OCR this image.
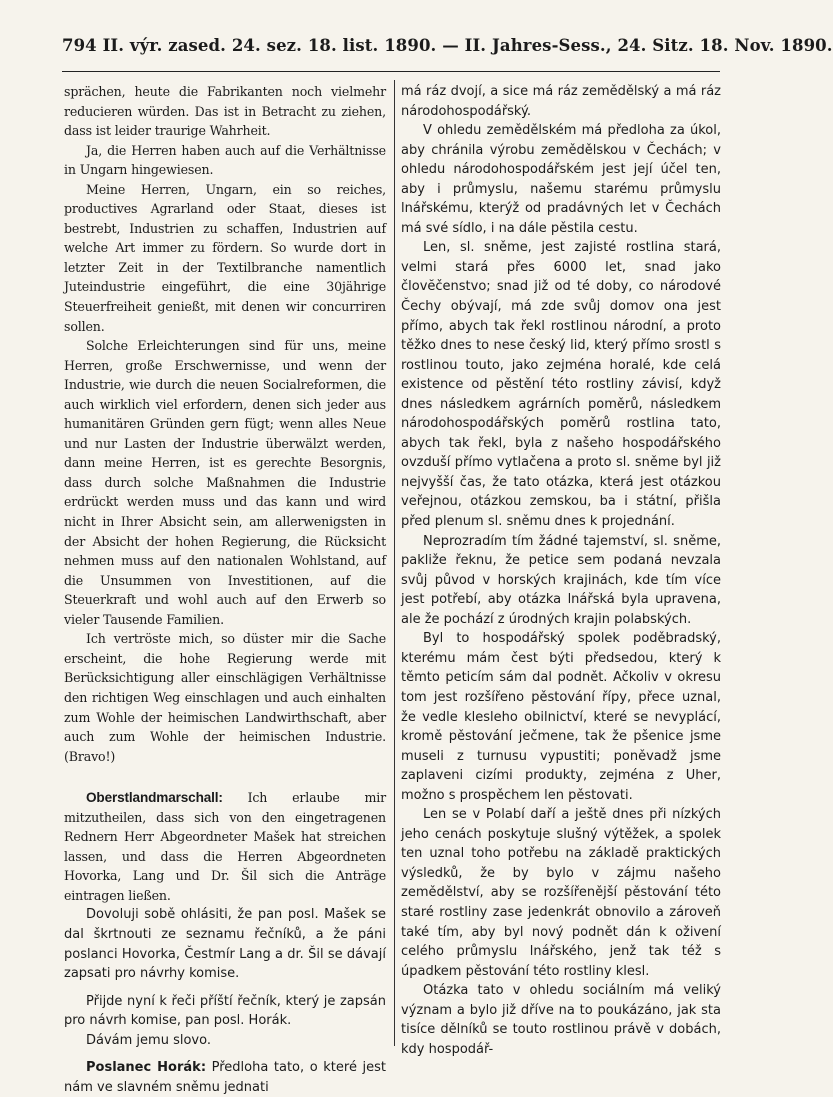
794 II. výr. zased. 24. sez. 18. list. 1890. — II. Jahres-Sess., 24. Sitz. 18. Nov. 1890.

sprächen, heute die Fabrikanten noch vielmehr reducieren würden. Das ist in Betracht zu ziehen, dass ist leider traurige Wahrheit.

Ja, die Herren haben auch auf die Verhältnisse in Ungarn hingewiesen.

Meine Herren, Ungarn, ein so reiches, productives Agrarland oder Staat, dieses ist bestrebt, Industrien zu schaffen, Industrien auf welche Art immer zu fördern. So wurde dort in letzter Zeit in der Textilbranche namentlich Juteindustrie eingeführt, die eine 30jährige Steuerfreiheit genießt, mit denen wir concurriren sollen.

Solche Erleichterungen sind für uns, meine Herren, große Erschwernisse, und wenn der Industrie, wie durch die neuen Socialreformen, die auch wirklich viel erfordern, denen sich jeder aus humanitären Gründen gern fügt; wenn alles Neue und nur Lasten der Industrie überwälzt werden, dann meine Herren, ist es gerechte Besorgnis, dass durch solche Maßnahmen die Industrie erdrückt werden muss und das kann und wird nicht in Ihrer Absicht sein, am allerwenigsten in der Absicht der hohen Regierung, die Rücksicht nehmen muss auf den nationalen Wohlstand, auf die Unsummen von Investitionen, auf die Steuerkraft und wohl auch auf den Erwerb so vieler Tausende Familien.

Ich vertröste mich, so düster mir die Sache erscheint, die hohe Regierung werde mit Berücksichtigung aller einschlägigen Verhältnisse den richtigen Weg einschlagen und auch einhalten zum Wohle der heimischen Landwirthschaft, aber auch zum Wohle der heimischen Industrie. (Bravo!)

Oberstlandmarschall: Ich erlaube mir mitzutheilen, dass sich von den eingetragenen Rednern Herr Abgeordneter Mašek hat streichen lassen, und dass die Herren Abgeordneten Hovorka, Lang und Dr. Šil sich die Anträge eintragen ließen.

Dovoluji sobě ohlásiti, že pan posl. Mašek se dal škrtnouti ze seznamu řečníků, a že páni poslanci Hovorka, Čestmír Lang a dr. Šil se dávají zapsati pro návrhy komise.

Přijde nyní k řeči příští řečník, který je zapsán pro návrh komise, pan posl. Horák.

Dávám jemu slovo.

Poslanec Horák: Předloha tato, o které jest nám ve slavném sněmu jednati

má ráz dvojí, a sice má ráz zemědělský a má ráz národohospodářský.

V ohledu zemědělském má předloha za úkol, aby chránila výrobu zemědělskou v Čechách; v ohledu národohospodářském jest její účel ten, aby i průmyslu, našemu starému průmyslu lnářskému, kterýž od pradávných let v Čechách má své sídlo, i na dále pěstila cestu.

Len, sl. sněme, jest zajisté rostlina stará, velmi stará přes 6000 let, snad jako človĕčenstvo; snad již od té doby, co národové Čechy obývají, má zde svůj domov ona jest přímo, abych tak řekl rostlinou národní, a proto těžko dnes to nese český lid, který přímo srostl s rostlinou touto, jako zejména horalé, kde celá existence od pěstění této rostliny závisí, když dnes následkem agrárních poměrů, následkem národohospodářských poměrů rostlina tato, abych tak řekl, byla z našeho hospodářského ovzduší přímo vytlačena a proto sl. sněme byl již nejvyšší čas, že tato otázka, která jest otázkou veřejnou, otázkou zemskou, ba i státní, přišla před plenum sl. sněmu dnes k projednání.

Neprozradím tím žádné tajemství, sl. sněme, pakliže řeknu, že petice sem podaná nevzala svůj původ v horských krajinách, kde tím více jest potřebí, aby otázka lnářská byla upravena, ale že pochází z úrodných krajin polabských.

Byl to hospodářský spolek poděbradský, kterému mám čest býti předsedou, který k těmto peticím sám dal podnět. Ačkoliv v okresu tom jest rozšířeno pěstování řípy, přece uznal, že vedle klesleho obilnictví, které se nevyplácí, kromě pěstování ječmene, tak že pšenice jsme museli z turnusu vypustiti; poněvadž jsme zaplaveni cizími produkty, zejména z Uher, možno s prospěchem len pěstovati.

Len se v Polabí daří a ještě dnes při nízkých jeho cenách poskytuje slušný výtěžek, a spolek ten uznal toho potřebu na základě praktických výsledků, že by bylo v zájmu našeho zemědělství, aby se rozšířenější pěstování této staré rostliny zase jedenkrát obnovilo a zároveň také tím, aby byl nový podnět dán k oživení celého průmyslu lnářského, jenž tak též s úpadkem pěstování této rostliny klesl.

Otázka tato v ohledu sociálním má veliký význam a bylo již dříve na to poukázáno, jak sta tisíce dělníků se touto rostlinou právě v dobách, kdy hospodář-
